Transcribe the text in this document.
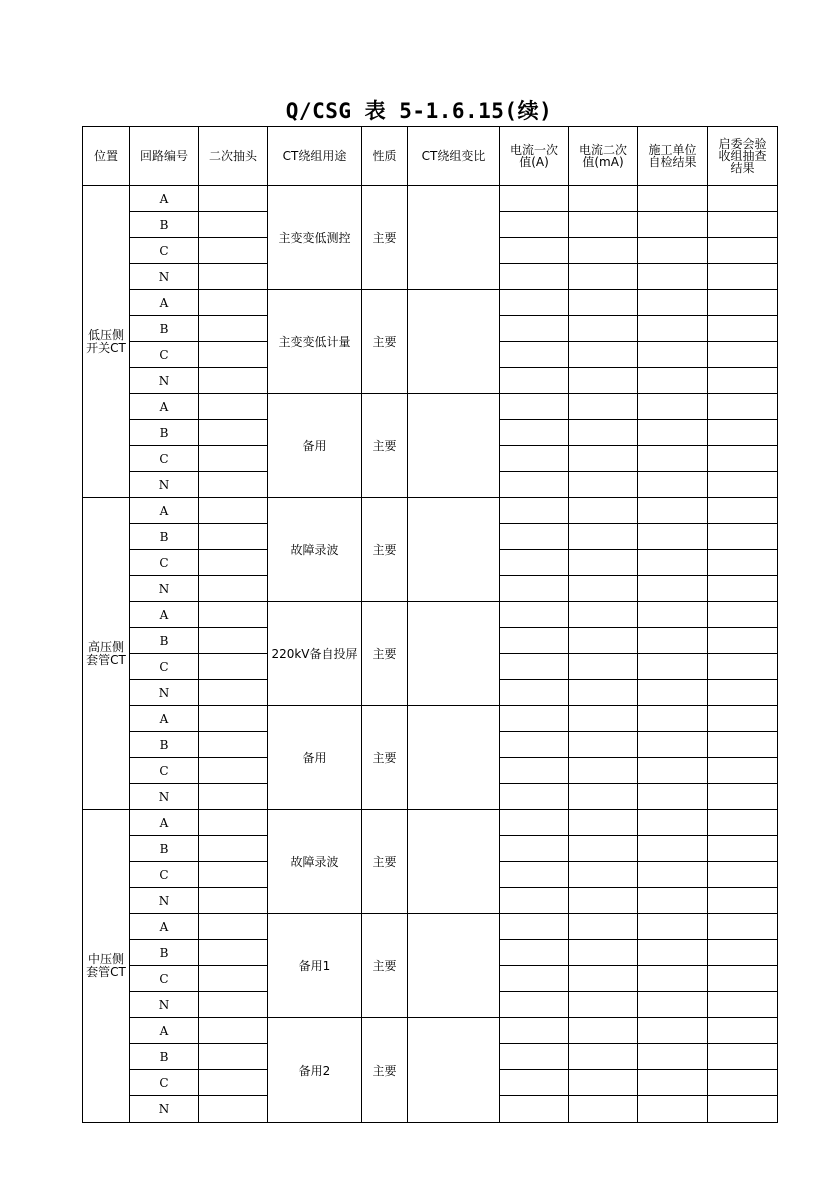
Q/CSG 表 5-1.6.15(续)
位置	回路编号	二次抽头	CT绕组用途	性质	CT绕组变比	电流一次值(A)	电流二次值(mA)	施工单位自检结果	启委会验收组抽查结果
低压侧开关CT	A		主变变低测控	主要					
	B								
	C								
	N								
	A		主变变低计量	主要					
	B								
	C								
	N								
	A		备用	主要					
	B								
	C								
	N								
高压侧套管CT	A		故障录波	主要					
	B								
	C								
	N								
	A		220kV备自投屏	主要					
	B								
	C								
	N								
	A		备用	主要					
	B								
	C								
	N								
中压侧套管CT	A		故障录波	主要					
	B								
	C								
	N								
	A		备用1	主要					
	B								
	C								
	N								
	A		备用2	主要					
	B								
	C								
	N								
